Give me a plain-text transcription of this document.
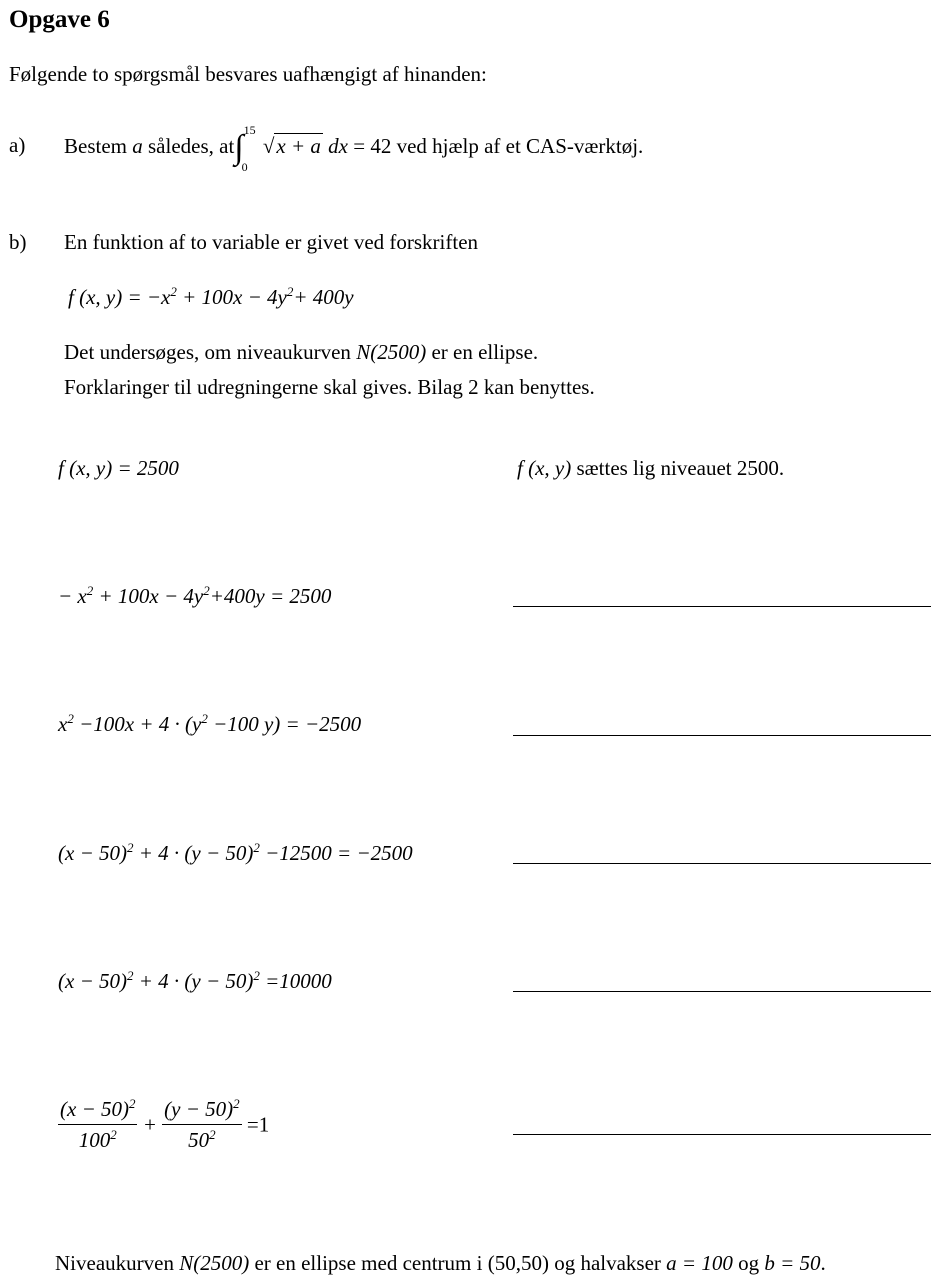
Opgave 6
Følgende to spørgsmål besvares uafhængigt af hinanden:
a) Bestem a således, at∫ 15
0
√x + a dx = 42 ved hjælp af et CAS-værktøj.
b) En funktion af to variable er givet ved forskriften
f (x, $y) = -x^2 + 100x - 4y^2+ 400y$
Det undersøges, om niveaukurven N(2500) er en ellipse.
Forklaringer til udregningerne skal gives. Bilag 2 kan benyttes.
f (x, y) = 2500	f (x, y) sættes lig niveauet 2500.
− $x^2 + 100x - 4y^2+400y = 2500$
$x^2 -100x + 4 \cdot (y^2 -100$ y) = −2500
$(x - 50)^2 + 4 \cdot (y - 50)^2 -12500 = -2500$
$(x - 50)^2 + 4 \cdot (y - 50)^2 =10000$
$\frac{(x - 50)^2}{100^2} + \frac{(y - 50)^2}{50^2} =1$
Niveaukurven N(2500) er en ellipse med centrum i (50,50) og halvakser a = 100 og b = 50.
